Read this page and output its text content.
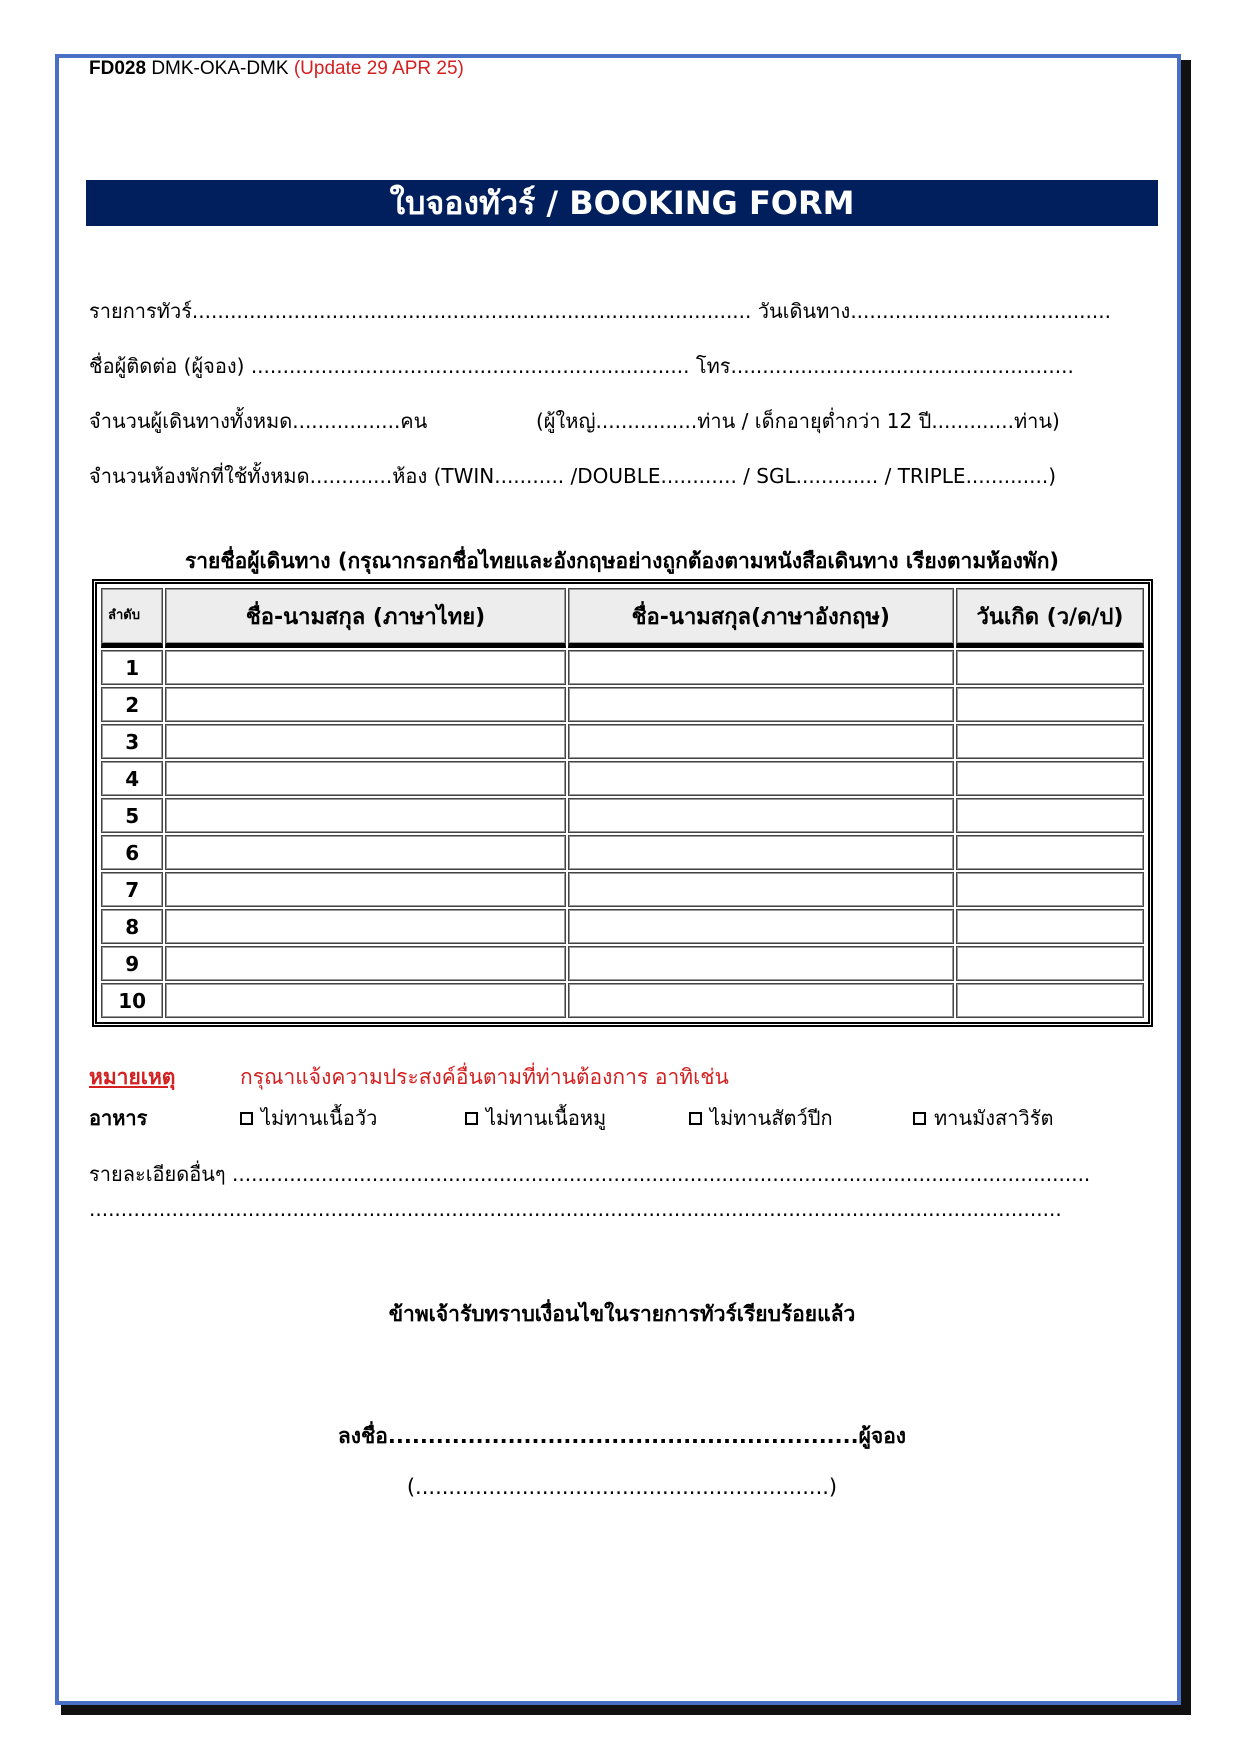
FD028 DMK-OKA-DMK (Update 29 APR 25)
ใบจองทัวร์ / BOOKING FORM
รายการทัวร์........................................................................................ วันเดินทาง.........................................
ชื่อผู้ติดต่อ (ผู้จอง) ..................................................................... โทร......................................................
จำนวนผู้เดินทางทั้งหมด.................คน	(ผู้ใหญ่................ท่าน / เด็กอายุต่ำกว่า 12 ปี.............ท่าน)
จำนวนห้องพักที่ใช้ทั้งหมด.............ห้อง (TWIN........... /DOUBLE............ / SGL............. / TRIPLE.............)
รายชื่อผู้เดินทาง (กรุณากรอกชื่อไทยและอังกฤษอย่างถูกต้องตามหนังสือเดินทาง เรียงตามห้องพัก)
ลำดับ	ชื่อ-นามสกุล (ภาษาไทย)	ชื่อ-นามสกุล(ภาษาอังกฤษ)	วันเกิด (ว/ด/ป)
1			
2			
3			
4			
5			
6			
7			
8			
9			
10			
หมายเหตุ	กรุณาแจ้งความประสงค์อื่นตามที่ท่านต้องการ อาทิเช่น
อาหาร	ไม่ทานเนื้อวัว	ไม่ทานเนื้อหมู	ไม่ทานสัตว์ปีก	ทานมังสาวิรัต
รายละเอียดอื่นๆ .......................................................................................................................................
.........................................................................................................................................................
ข้าพเจ้ารับทราบเงื่อนไขในรายการทัวร์เรียบร้อยแล้ว
ลงชื่อ...........................................................ผู้จอง
(..............................................................)
